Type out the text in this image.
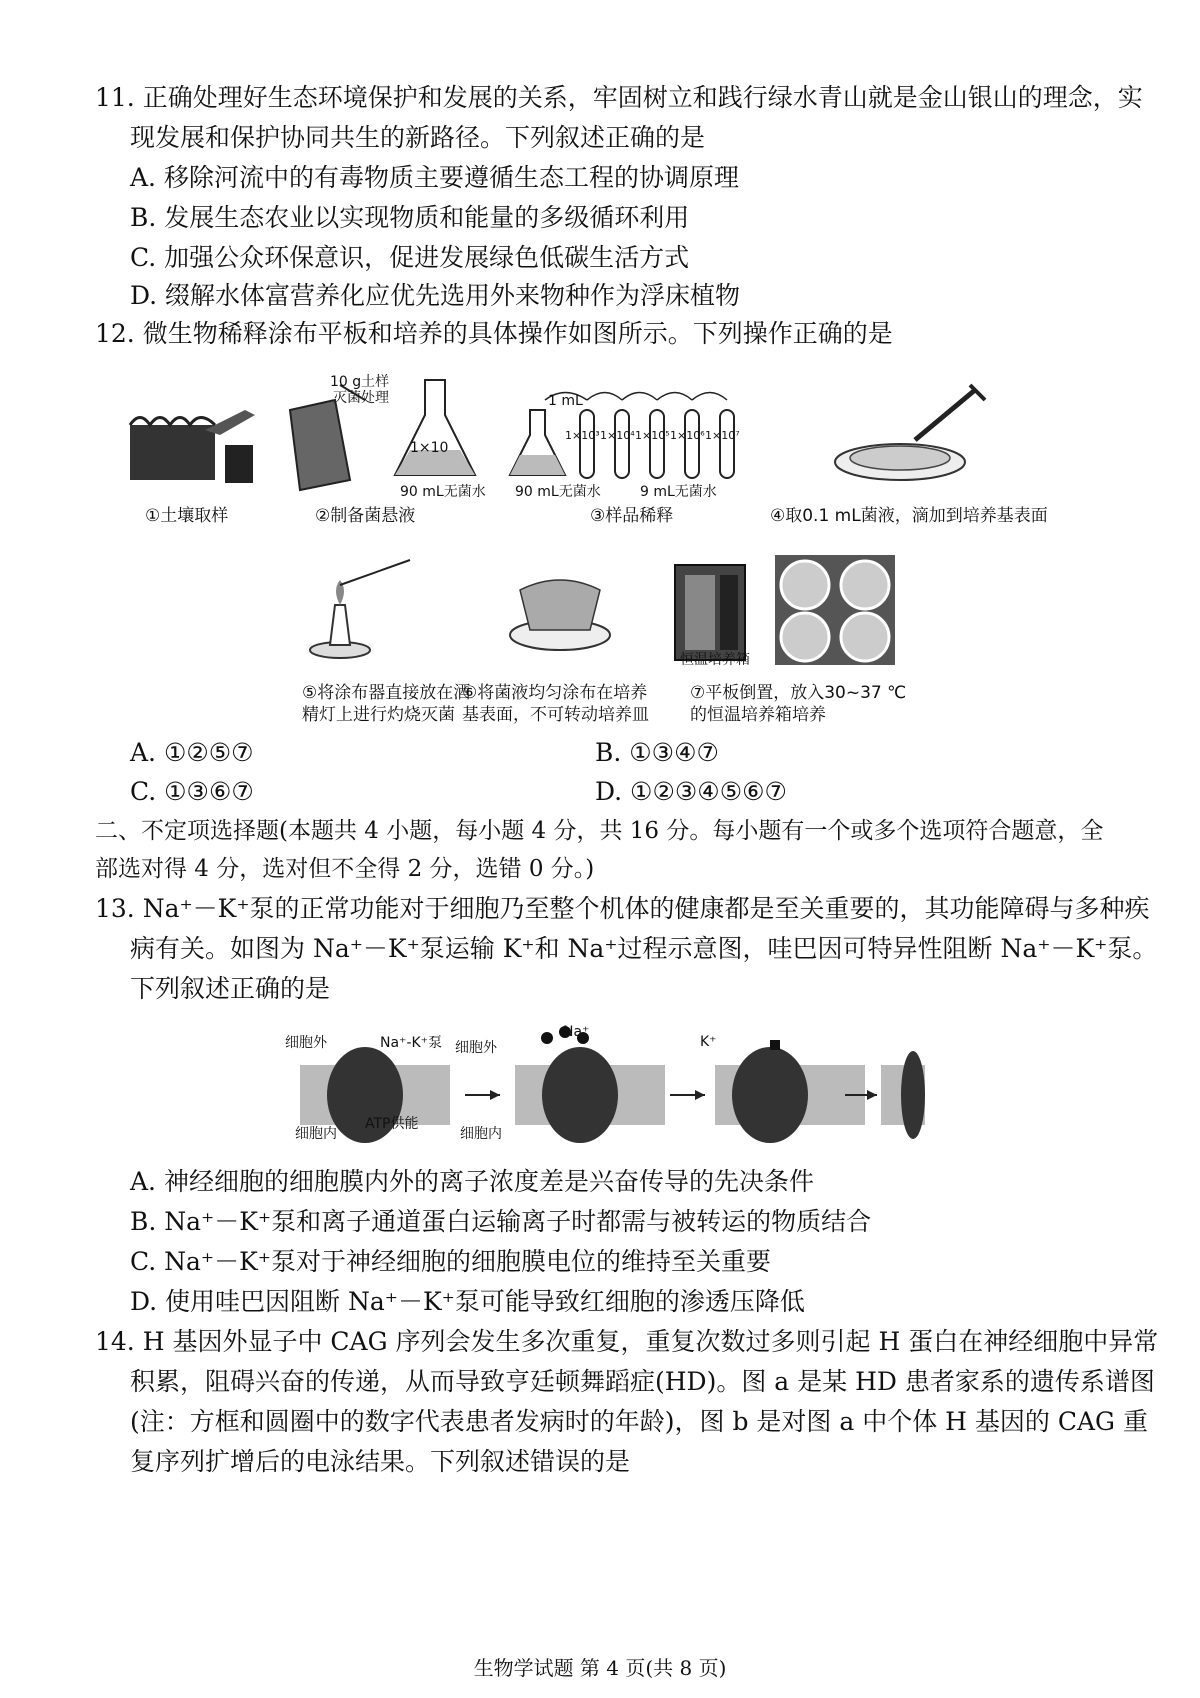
11. 正确处理好生态环境保护和发展的关系，牢固树立和践行绿水青山就是金山银山的理念，实
现发展和保护协同共生的新路径。下列叙述正确的是
A. 移除河流中的有毒物质主要遵循生态工程的协调原理
B. 发展生态农业以实现物质和能量的多级循环利用
C. 加强公众环保意识，促进发展绿色低碳生活方式
D. 缀解水体富营养化应优先选用外来物种作为浮床植物
12. 微生物稀释涂布平板和培养的具体操作如图所示。下列操作正确的是
10 g土样
灭菌处理
1×10
90 mL无菌水 90 mL无菌水	9 mL无菌水
1 mL
1×10³ 1×10⁴ 1×10⁵ 1×10⁶ 1×10⁷
①土壤取样	②制备菌悬液	③样品稀释	④取0.1 mL菌液，滴加到培养基表面
恒温培养箱
⑤将涂布器直接放在酒
精灯上进行灼烧灭菌
⑥将菌液均匀涂布在培养
基表面，不可转动培养皿
⑦平板倒置，放入30~37 ℃
的恒温培养箱培养
A. ①②⑤⑦	B. ①③④⑦
C. ①③⑥⑦	D. ①②③④⑤⑥⑦
二、不定项选择题(本题共 4 小题，每小题 4 分，共 16 分。每小题有一个或多个选项符合题意，全
部选对得 4 分，选对但不全得 2 分，选错 0 分。)
13. Na⁺－K⁺泵的正常功能对于细胞乃至整个机体的健康都是至关重要的，其功能障碍与多种疾
病有关。如图为 Na⁺－K⁺泵运输 K⁺和 Na⁺过程示意图，哇巴因可特异性阻断 Na⁺－K⁺泵。
下列叙述正确的是
细胞外	Na⁺-K⁺泵
细胞内
ATP供能
细胞外
细胞内
Na⁺
K⁺
A. 神经细胞的细胞膜内外的离子浓度差是兴奋传导的先决条件
B. Na⁺－K⁺泵和离子通道蛋白运输离子时都需与被转运的物质结合
C. Na⁺－K⁺泵对于神经细胞的细胞膜电位的维持至关重要
D. 使用哇巴因阻断 Na⁺－K⁺泵可能导致红细胞的渗透压降低
14. H 基因外显子中 CAG 序列会发生多次重复，重复次数过多则引起 H 蛋白在神经细胞中异常
积累，阻碍兴奋的传递，从而导致亨廷顿舞蹈症(HD)。图 a 是某 HD 患者家系的遗传系谱图
(注：方框和圆圈中的数字代表患者发病时的年龄)，图 b 是对图 a 中个体 H 基因的 CAG 重
复序列扩增后的电泳结果。下列叙述错误的是
生物学试题 第 4 页(共 8 页)
